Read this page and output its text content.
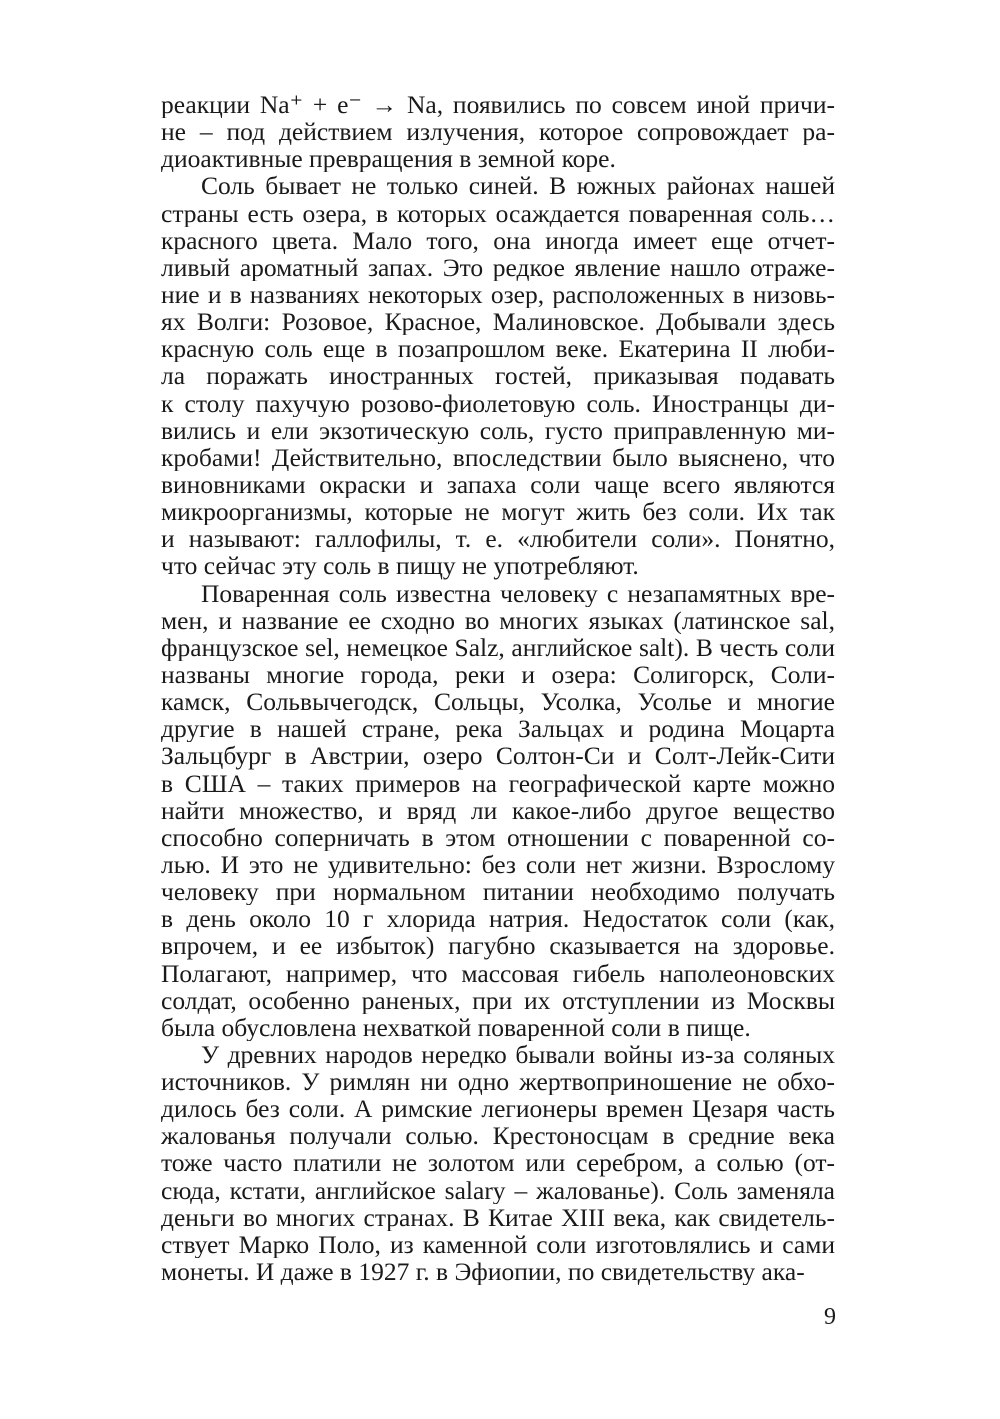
реакции Na⁺ + e⁻ → Na, появились по совсем иной причи-
не – под действием излучения, которое сопровождает ра-
диоактивные превращения в земной коре.
Соль бывает не только синей. В южных районах нашей
страны есть озера, в которых осаждается поваренная соль…
красного цвета. Мало того, она иногда имеет еще отчет-
ливый ароматный запах. Это редкое явление нашло отраже-
ние и в названиях некоторых озер, расположенных в низовь-
ях Волги: Розовое, Красное, Малиновское. Добывали здесь
красную соль еще в позапрошлом веке. Екатерина II люби-
ла поражать иностранных гостей, приказывая подавать
к столу пахучую розово-фиолетовую соль. Иностранцы ди-
вились и ели экзотическую соль, густо приправленную ми-
кробами! Действительно, впоследствии было выяснено, что
виновниками окраски и запаха соли чаще всего являются
микроорганизмы, которые не могут жить без соли. Их так
и называют: галлофилы, т. е. «любители соли». Понятно,
что сейчас эту соль в пищу не употребляют.
Поваренная соль известна человеку с незапамятных вре-
мен, и название ее сходно во многих языках (латинское sal,
французское sel, немецкое Salz, английское salt). В честь соли
названы многие города, реки и озера: Солигорск, Соли-
камск, Сольвычегодск, Сольцы, Усолка, Усолье и многие
другие в нашей стране, река Зальцах и родина Моцарта
Зальцбург в Австрии, озеро Солтон-Си и Солт-Лейк-Сити
в США – таких примеров на географической карте можно
найти множество, и вряд ли какое-либо другое вещество
способно соперничать в этом отношении с поваренной со-
лью. И это не удивительно: без соли нет жизни. Взрослому
человеку при нормальном питании необходимо получать
в день около 10 г хлорида натрия. Недостаток соли (как,
впрочем, и ее избыток) пагубно сказывается на здоровье.
Полагают, например, что массовая гибель наполеоновских
солдат, особенно раненых, при их отступлении из Москвы
была обусловлена нехваткой поваренной соли в пище.
У древних народов нередко бывали войны из-за соляных
источников. У римлян ни одно жертвоприношение не обхо-
дилось без соли. А римские легионеры времен Цезаря часть
жалованья получали солью. Крестоносцам в средние века
тоже часто платили не золотом или серебром, а солью (от-
сюда, кстати, английское salary – жалованье). Соль заменяла
деньги во многих странах. В Китае XIII века, как свидетель-
ствует Марко Поло, из каменной соли изготовлялись и сами
монеты. И даже в 1927 г. в Эфиопии, по свидетельству ака-
9
